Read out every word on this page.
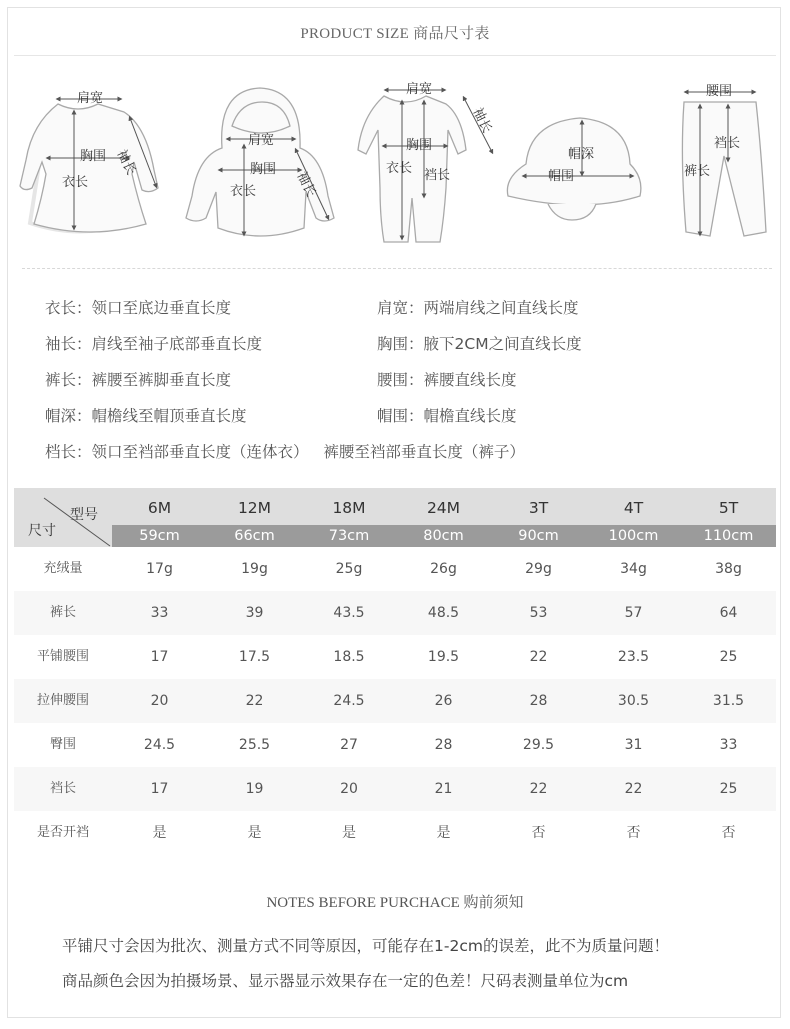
PRODUCT SIZE 商品尺寸表
肩宽
胸围
衣长
袖长
肩宽
胸围
衣长	袖长
肩宽
胸围
衣长 裆长
袖长
帽深
帽围
腰围
裆长
裤长
衣长：领口至底边垂直长度	肩宽：两端肩线之间直线长度
袖长：肩线至袖子底部垂直长度	胸围：腋下2CM之间直线长度
裤长：裤腰至裤脚垂直长度	腰围：裤腰直线长度
帽深：帽檐线至帽顶垂直长度	帽围：帽檐直线长度
档长：领口至裆部垂直长度（连体衣）   裤腰至裆部垂直长度（裤子）
6M	12M	18M	24M	3T	4T	5T
59cm	66cm	73cm	80cm	90cm	100cm	110cm
型号
尺寸
充绒量	17g	19g	25g	26g	29g	34g	38g
裤长	33	39	43.5	48.5	53	57	64
平铺腰围	17	17.5	18.5	19.5	22	23.5	25
拉伸腰围	20	22	24.5	26	28	30.5	31.5
臀围	24.5	25.5	27	28	29.5	31	33
裆长	17	19	20	21	22	22	25
是否开裆	是	是	是	是	否	否	否
NOTES BEFORE PURCHACE 购前须知
平铺尺寸会因为批次、测量方式不同等原因，可能存在1-2cm的误差，此不为质量问题！
商品颜色会因为拍摄场景、显示器显示效果存在一定的色差！尺码表测量单位为cm
